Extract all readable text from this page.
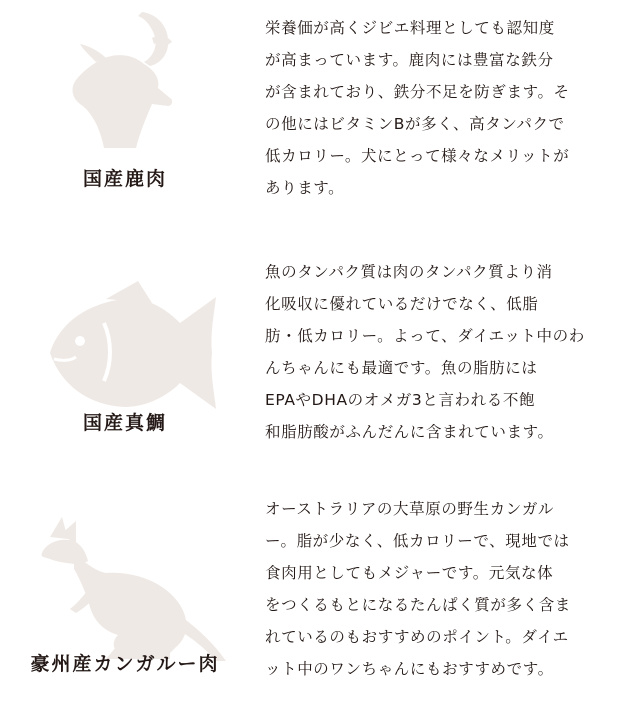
国産鹿肉

栄養価が高くジビエ料理としても認知度
が高まっています。鹿肉には豊富な鉄分
が含まれており、鉄分不足を防ぎます。そ
の他にはビタミンBが多く、高タンパクで
低カロリー。犬にとって様々なメリットが
あります。

国産真鯛

魚のタンパク質は肉のタンパク質より消
化吸収に優れているだけでなく、低脂
肪・低カロリー。よって、ダイエット中のわ
んちゃんにも最適です。魚の脂肪には
EPAやDHAのオメガ3と言われる不飽
和脂肪酸がふんだんに含まれています。

豪州産カンガルー肉

オーストラリアの大草原の野生カンガル
ー。脂が少なく、低カロリーで、現地では
食肉用としてもメジャーです。元気な体
をつくるもとになるたんぱく質が多く含ま
れているのもおすすめのポイント。ダイエ
ット中のワンちゃんにもおすすめです。
